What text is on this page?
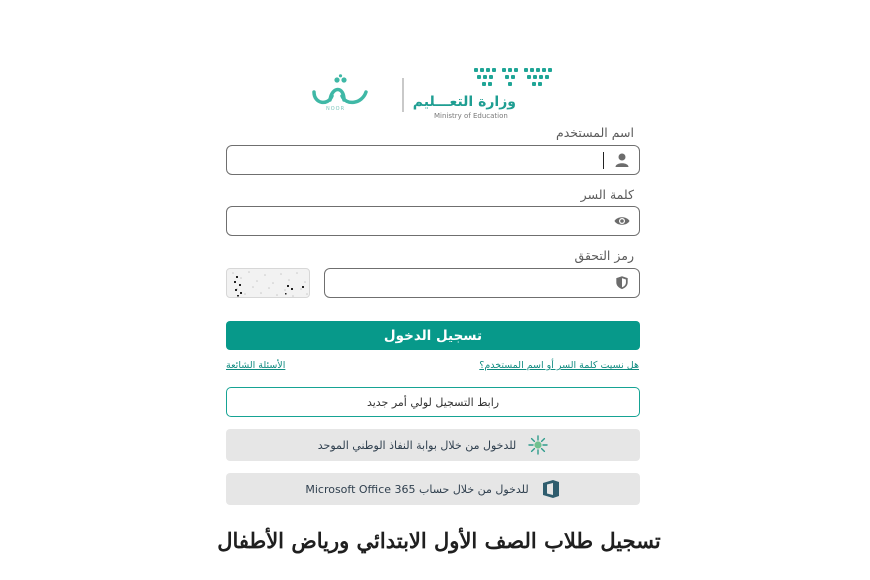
NOOR	وزارة التعـــليم
Ministry of Education
اسم المستخدم
كلمة السر
رمز التحقق
تسجيل الدخول
هل نسيت كلمة السر أو اسم المستخدم؟
الأسئلة الشائعة
رابط التسجيل لولي أمر جديد
للدخول من خلال بوابة النفاذ الوطني الموحد
للدخول من خلال حساب Microsoft Office 365
تسجيل طلاب الصف الأول الابتدائي ورياض الأطفال
